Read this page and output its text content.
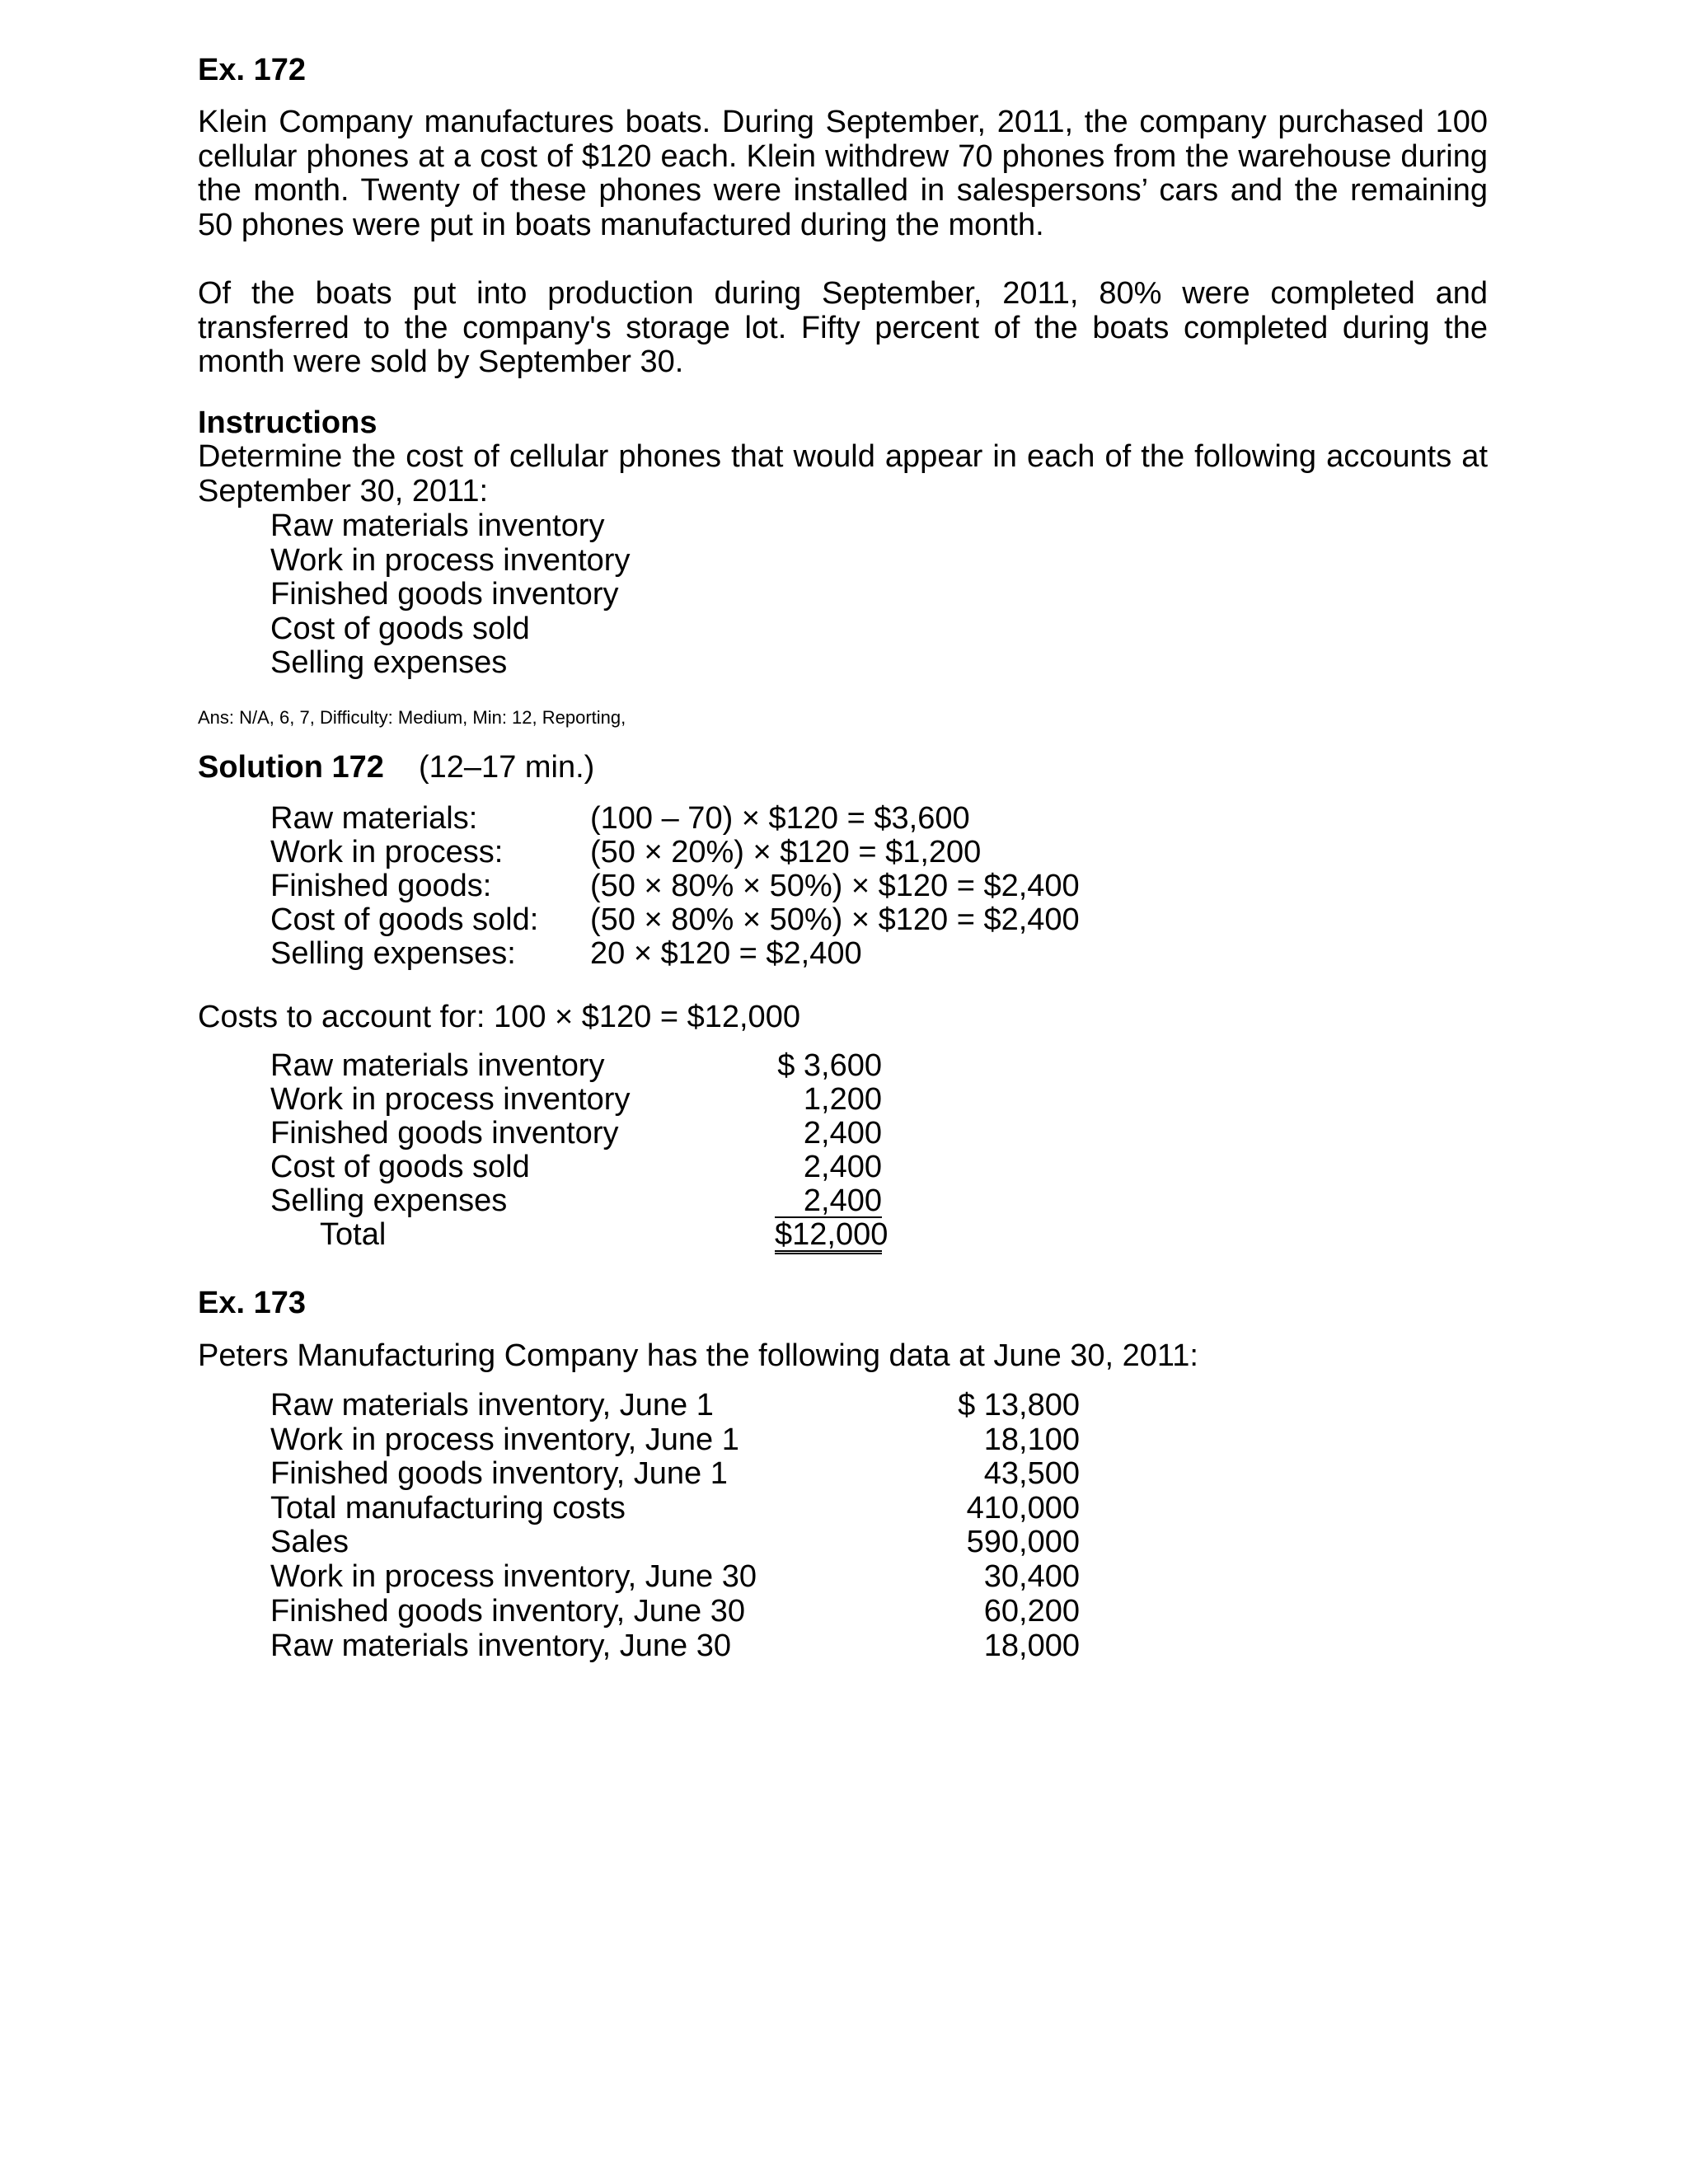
Ex. 172
Klein Company manufactures boats. During September, 2011, the company purchased 100 cellular phones at a cost of $120 each. Klein withdrew 70 phones from the warehouse during the month. Twenty of these phones were installed in salespersons’ cars and the remaining 50 phones were put in boats manufactured during the month.
Of the boats put into production during September, 2011, 80% were completed and transferred to the company's storage lot. Fifty percent of the boats completed during the month were sold by September 30.
Instructions
Determine the cost of cellular phones that would appear in each of the following accounts at September 30, 2011:
Raw materials inventory
Work in process inventory
Finished goods inventory
Cost of goods sold
Selling expenses
Ans: N/A, 6, 7, Difficulty: Medium, Min: 12, Reporting,
Solution 172 (12–17 min.)
Raw materials:	(100 – 70) × $120 = $3,600
Work in process:	(50 × 20%) × $120 = $1,200
Finished goods:	(50 × 80% × 50%) × $120 = $2,400
Cost of goods sold: (50 × 80% × 50%) × $120 = $2,400
Selling expenses: 20 × $120 = $2,400
Costs to account for: 100 × $120 = $12,000
Raw materials inventory	$ 3,600
Work in process inventory	1,200
Finished goods inventory	2,400
Cost of goods sold	2,400
Selling expenses	2,400
Total	$12,000
Ex. 173
Peters Manufacturing Company has the following data at June 30, 2011:
Raw materials inventory, June 1	$ 13,800
Work in process inventory, June 1	18,100
Finished goods inventory, June 1	43,500
Total manufacturing costs	410,000
Sales	590,000
Work in process inventory, June 30	30,400
Finished goods inventory, June 30	60,200
Raw materials inventory, June 30	18,000
